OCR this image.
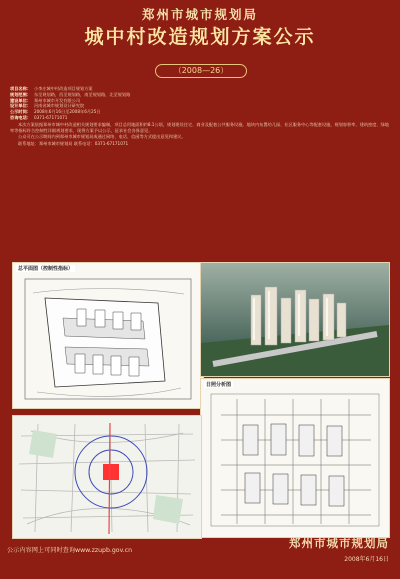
郑州市城市规划局
城中村改造规划方案公示
（2008—26）
项目名称： 小李庄城中村改造项目规划方案
规划范围： 东至规划路，西至规划路，南至规划路，北至规划路
建设单位： 郑州市城市开发有限公司
设计单位： 河南省城市规划设计研究院
公示时间： 2008年6月16日至2008年6月25日
咨询电话： 0371-67171071
本次方案依据郑州市城中村改造相关规划要求编制，项目总用地面积约8.1公顷，规划建设住宅、商业及配套公共服务设施，地块内布置幼儿园、社区服务中心等配套设施，规划容积率、建筑密度、绿地率等指标符合控制性详细规划要求，现将方案予以公示，征求社会各界意见。
公众可在公示期间内到郑州市城市规划局或通过网络、电话、信函等方式提出意见和建议。
联系地址：郑州市城市规划局 联系电话：0371-67171071
总平面图（控制性指标）
日照分析图
公示内容网上可同时查询www.zzupb.gov.cn
郑州市城市规划局
2008年6月16日
